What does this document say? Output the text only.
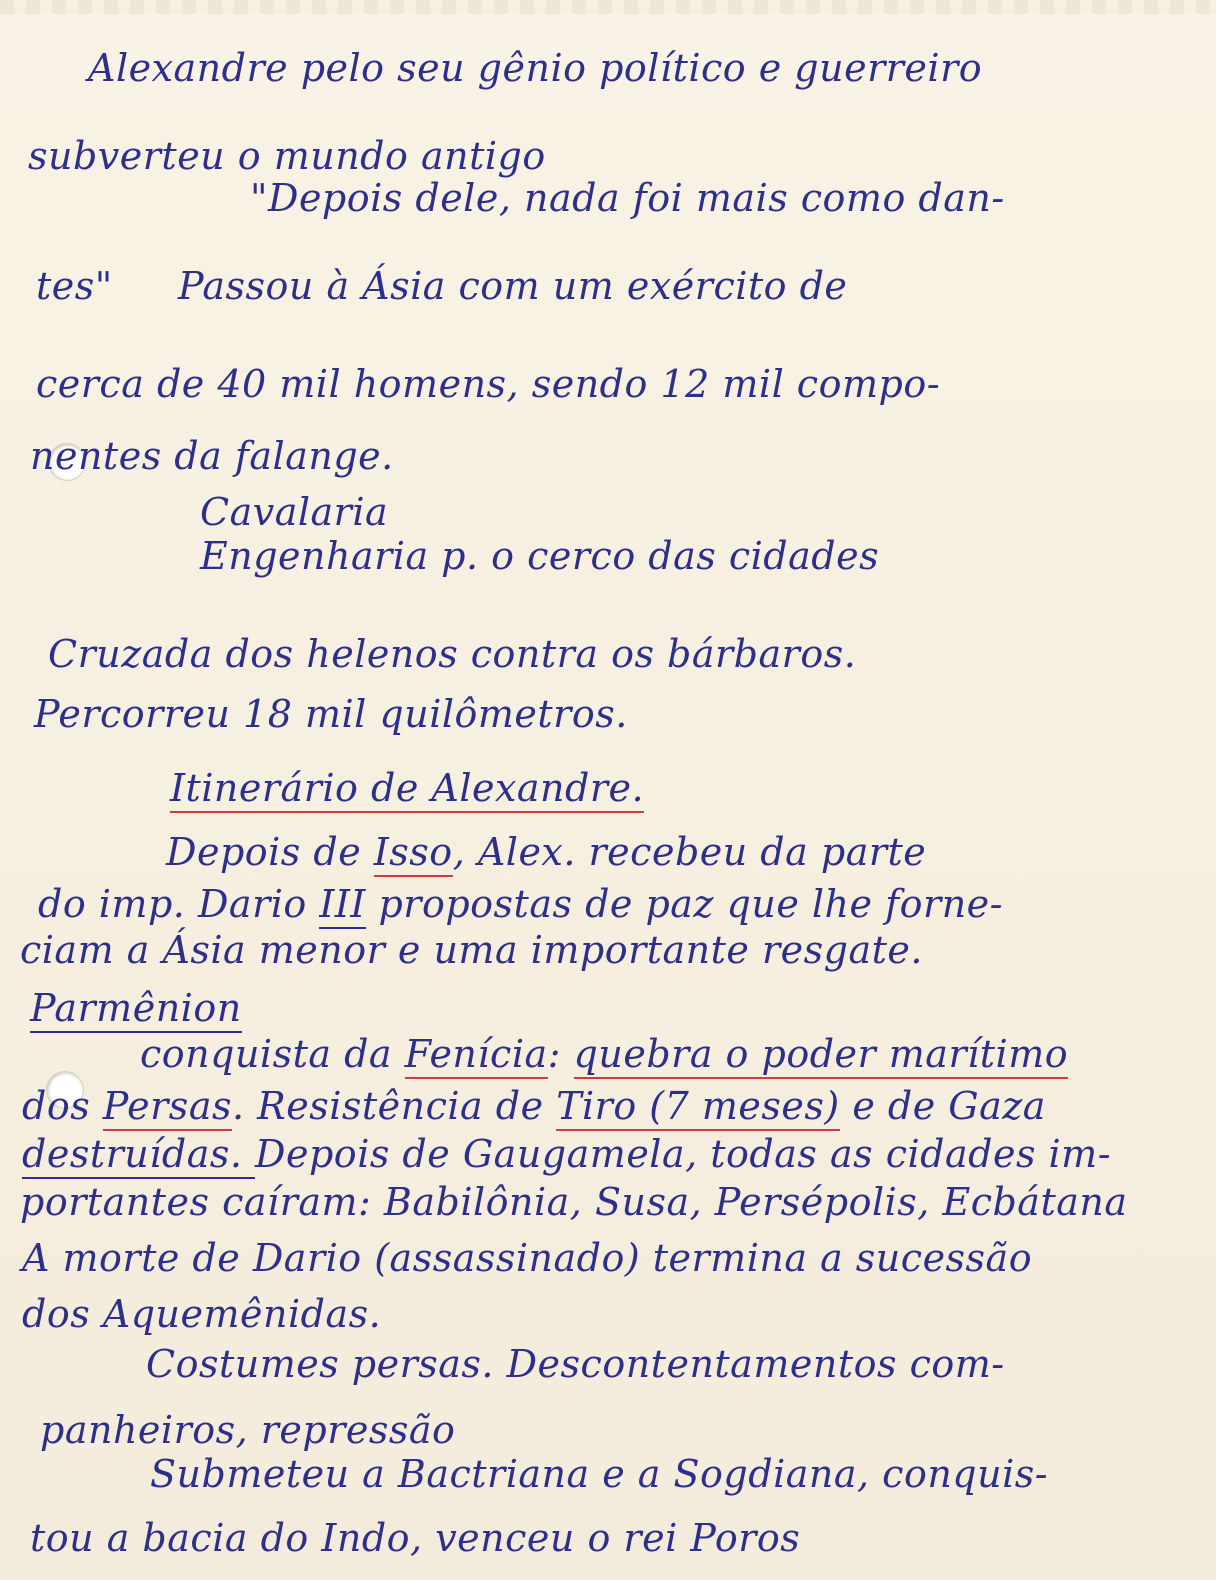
Alexandre pelo seu gênio político e guerreiro

subverteu o mundo antigo

"Depois dele, nada foi mais como dan-

tes" Passou à Ásia com um exército de

cerca de 40 mil homens, sendo 12 mil compo-

nentes da falange.

Cavalaria

Engenharia p. o cerco das cidades

Cruzada dos helenos contra os bárbaros.

Percorreu 18 mil quilômetros.

Itinerário de Alexandre.

Depois de Isso, Alex. recebeu da parte

do imp. Dario III propostas de paz que lhe forne-

ciam a Ásia menor e uma importante resgate.

Parmênion

conquista da Fenícia: quebra o poder marítimo

dos Persas. Resistência de Tiro (7 meses) e de Gaza

destruídas. Depois de Gaugamela, todas as cidades im-

portantes caíram: Babilônia, Susa, Persépolis, Ecbátana

A morte de Dario (assassinado) termina a sucessão

dos Aquemênidas.

Costumes persas. Descontentamentos com-

panheiros, repressão

Submeteu a Bactriana e a Sogdiana, conquis-

tou a bacia do Indo, venceu o rei Poros
